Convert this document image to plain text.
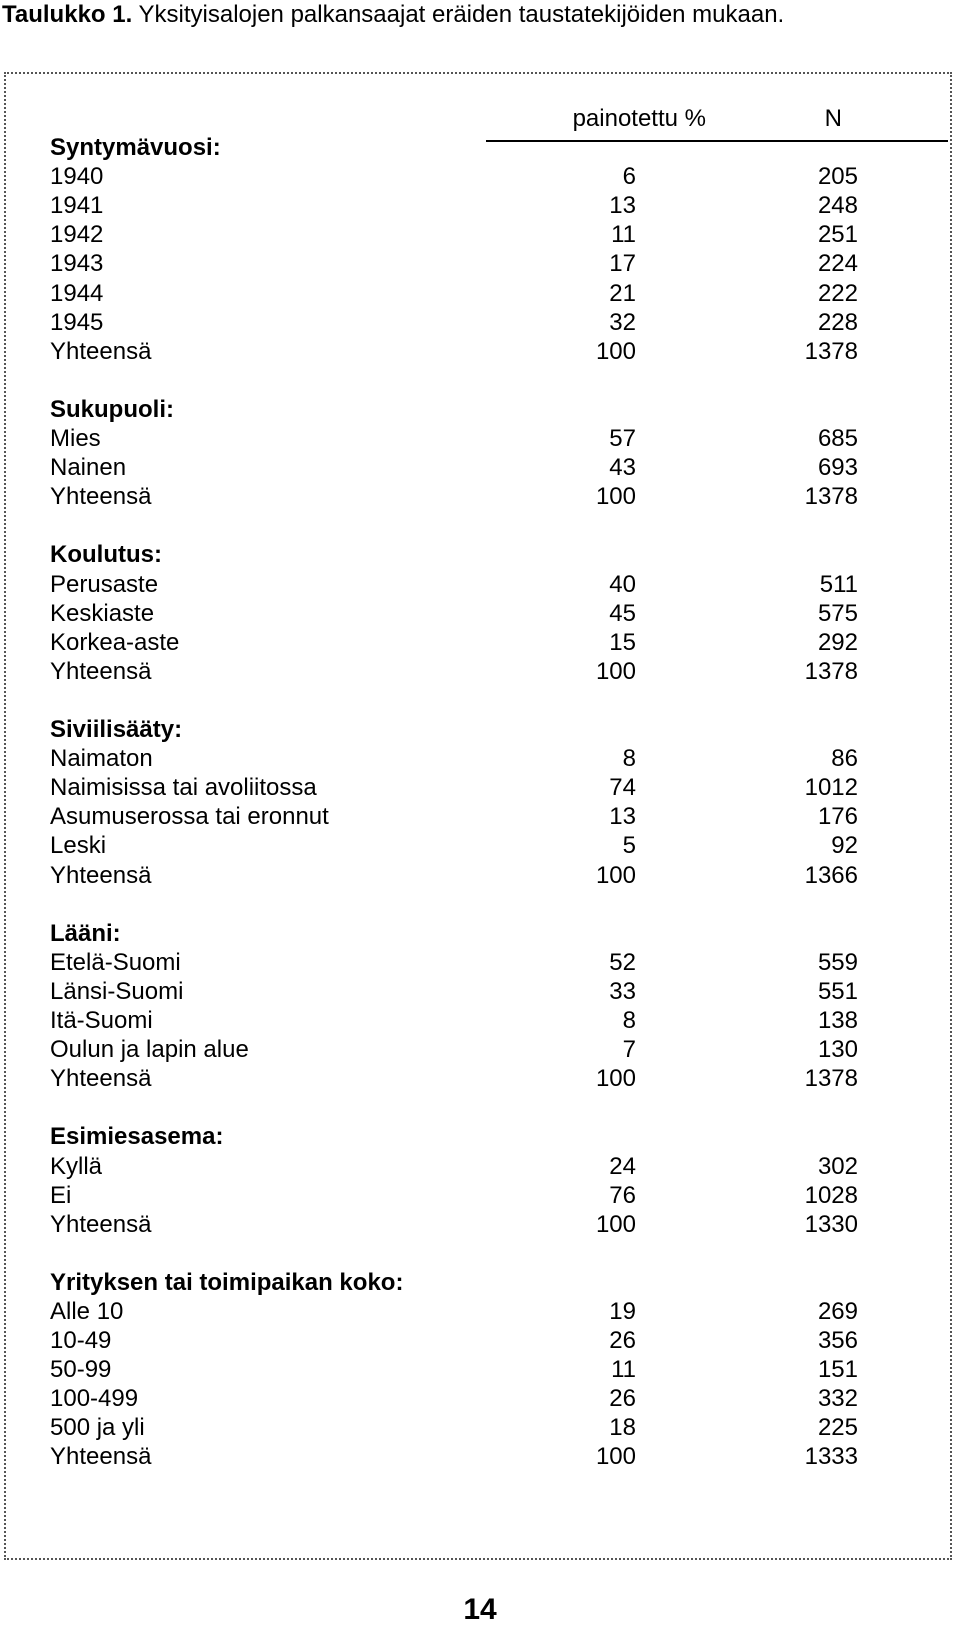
Taulukko 1. Yksityisalojen palkansaajat eräiden taustatekijöiden mukaan.
painotettu %	N
Syntymävuosi:
1940	6	205
1941	13	248
1942	11	251
1943	17	224
1944	21	222
1945	32	228
Yhteensä	100	1378
Sukupuoli:
Mies	57	685
Nainen	43	693
Yhteensä	100	1378
Koulutus:
Perusaste	40	511
Keskiaste	45	575
Korkea-aste	15	292
Yhteensä	100	1378
Siviilisääty:
Naimaton	8	86
Naimisissa tai avoliitossa	74	1012
Asumuserossa tai eronnut	13	176
Leski	5	92
Yhteensä	100	1366
Lääni:
Etelä-Suomi	52	559
Länsi-Suomi	33	551
Itä-Suomi	8	138
Oulun ja lapin alue	7	130
Yhteensä	100	1378
Esimiesasema:
Kyllä	24	302
Ei	76	1028
Yhteensä	100	1330
Yrityksen tai toimipaikan koko:
Alle 10	19	269
10-49	26	356
50-99	11	151
100-499	26	332
500 ja yli	18	225
Yhteensä	100	1333
14
